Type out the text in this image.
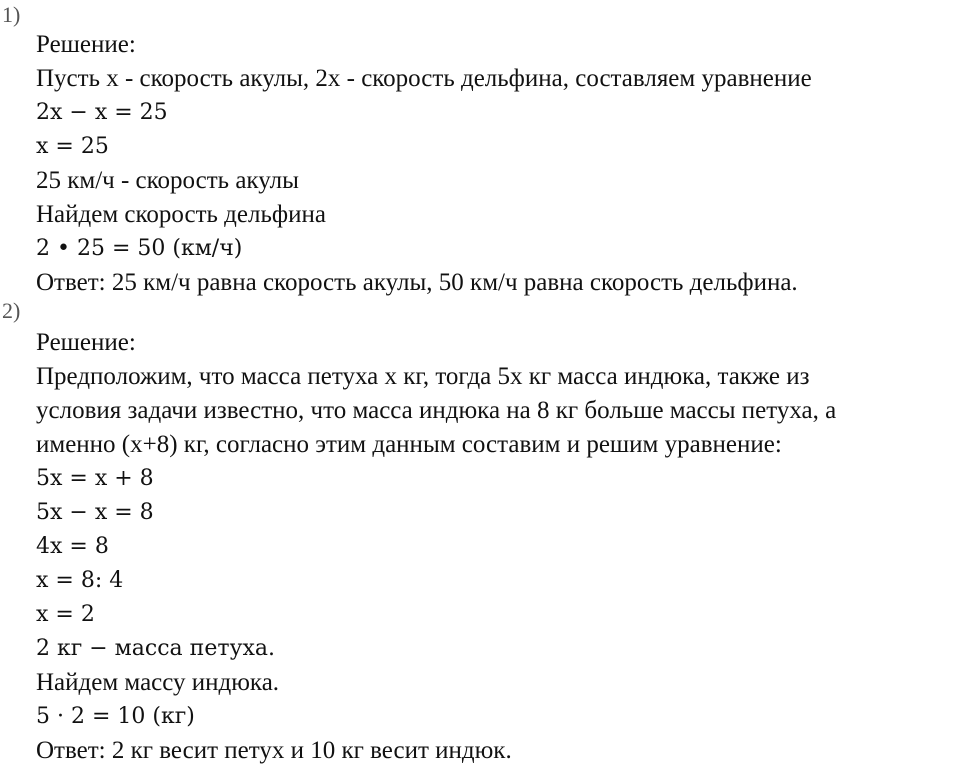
1)
Решение:
Пусть x - скорость акулы, 2x - скорость дельфина, составляем уравнение
2x − x = 25
x = 25
25 км/ч - скорость акулы
Найдем скорость дельфина
2 • 25 = 50 (км/ч)
Ответ: 25 км/ч равна скорость акулы, 50 км/ч равна скорость дельфина.
2)
Решение:
Предположим, что масса петуха x кг, тогда 5x кг масса индюка, также из
условия задачи известно, что масса индюка на 8 кг больше массы петуха, а
именно (x+8) кг, согласно этим данным составим и решим уравнение:
5x = x + 8
5x − x = 8
4x = 8
x = 8: 4
x = 2
2 кг − масса петуха.
Найдем массу индюка.
5 · 2 = 10 (кг)
Ответ: 2 кг весит петух и 10 кг весит индюк.
